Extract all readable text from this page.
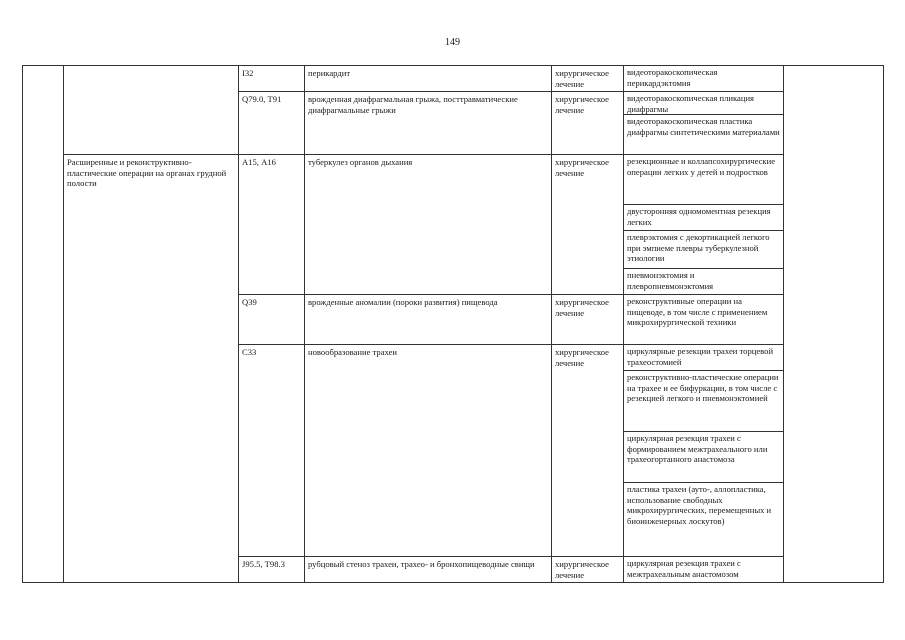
149
		I32	перикардит	хирургическое лечение	видеоторакоскопическая перикардэктомия	

		Q79.0, Т91	врожденная диафрагмальная грыжа, посттравматические диафрагмальные грыжи	хирургическое лечение	видеоторакоскопическая пликация диафрагмы
видеоторакоскопическая пластика диафрагмы синтетическими материалами	

	Расширенные и реконструктивно-пластические операции на органах грудной полости	А15, А16	туберкулез органов дыхания	хирургическое лечение	резекционные и коллапсохирургические операции легких у детей и подростков
двусторонняя одномоментная резекция легких
плеврэктомия с декортикацией легкого при эмпиеме плевры туберкулезной этиологии
пневмонэктомия и плевропневмонэктомия	

		Q39	врожденные аномалии (пороки развития) пищевода	хирургическое лечение	реконструктивные операции на пищеводе, в том числе с применением микрохирургической техники	

		С33	новообразование трахеи	хирургическое лечение	циркулярные резекции трахеи торцевой трахеостомией
реконструктивно-пластические операции на трахее и ее бифуркации, в том числе с резекцией легкого и пневмонэктомией
циркулярная резекция трахеи с формированием межтрахеального или трахеогортанного анастомоза
пластика трахеи (ауто-, аллопластика, использование свободных микрохирургических, перемещенных и биоинженерных лоскутов)	

		J95.5, Т98.3	рубцовый стеноз трахеи, трахео- и бронхопищеводные свищи	хирургическое лечение	циркулярная резекция трахеи с межтрахеальным анастомозом	
